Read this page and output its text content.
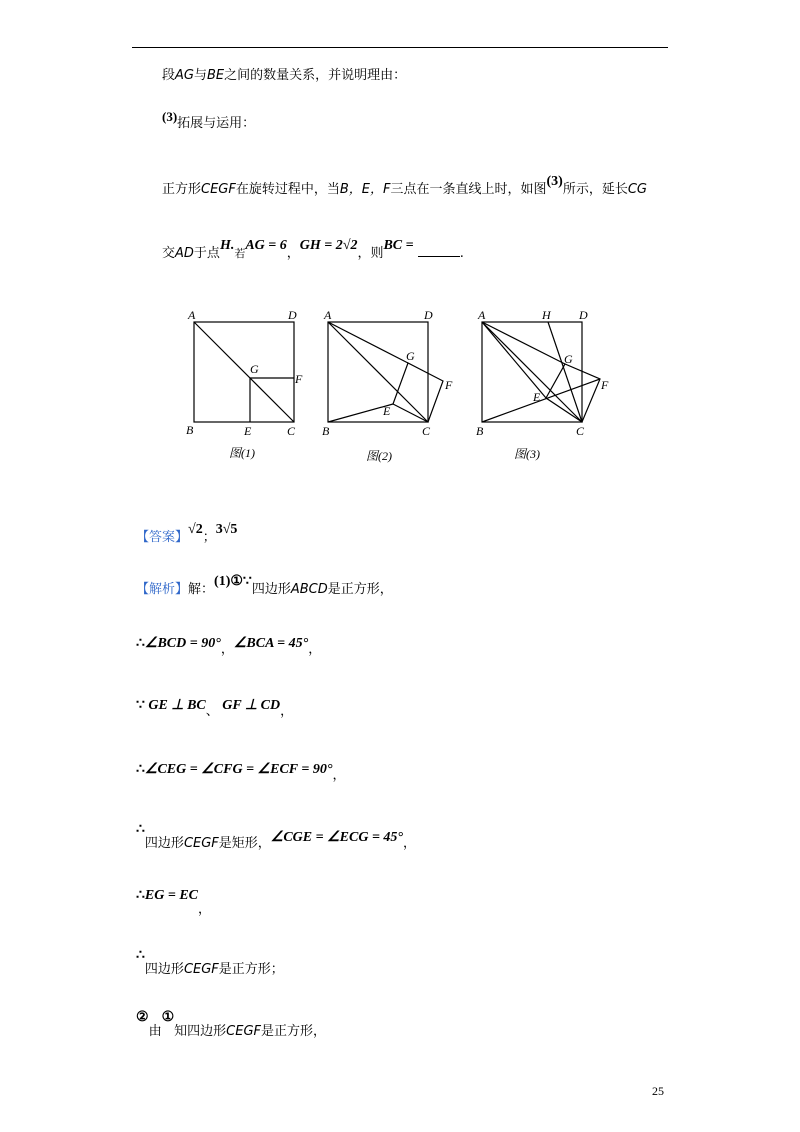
段AG与BE之间的数量关系，并说明理由：
(3)拓展与运用：
正方形CEGF在旋转过程中，当B，E，F三点在一条直线上时，如图(3)所示，延长CG
交AD于点H.若AG = 6，GH = 2√2，则BC = .
A	D
G
F
B	E	C
图(1)
A	D
G
F
E
B	C
图(2)
A	H D
G
F
E
B	C
图(3)
【答案】√2；3√5
【解析】解：(1)①∵四边形ABCD是正方形，
∴∠BCD = 90°，∠BCA = 45°，
∵ GE ⊥ BC、 GF ⊥ CD，
∴∠CEG = ∠CFG = ∠ECF = 90°，
∴四边形CEGF是矩形，∠CGE = ∠ECG = 45°，
∴EG = EC，
∴四边形CEGF是正方形；
②由①知四边形CEGF是正方形，
25
